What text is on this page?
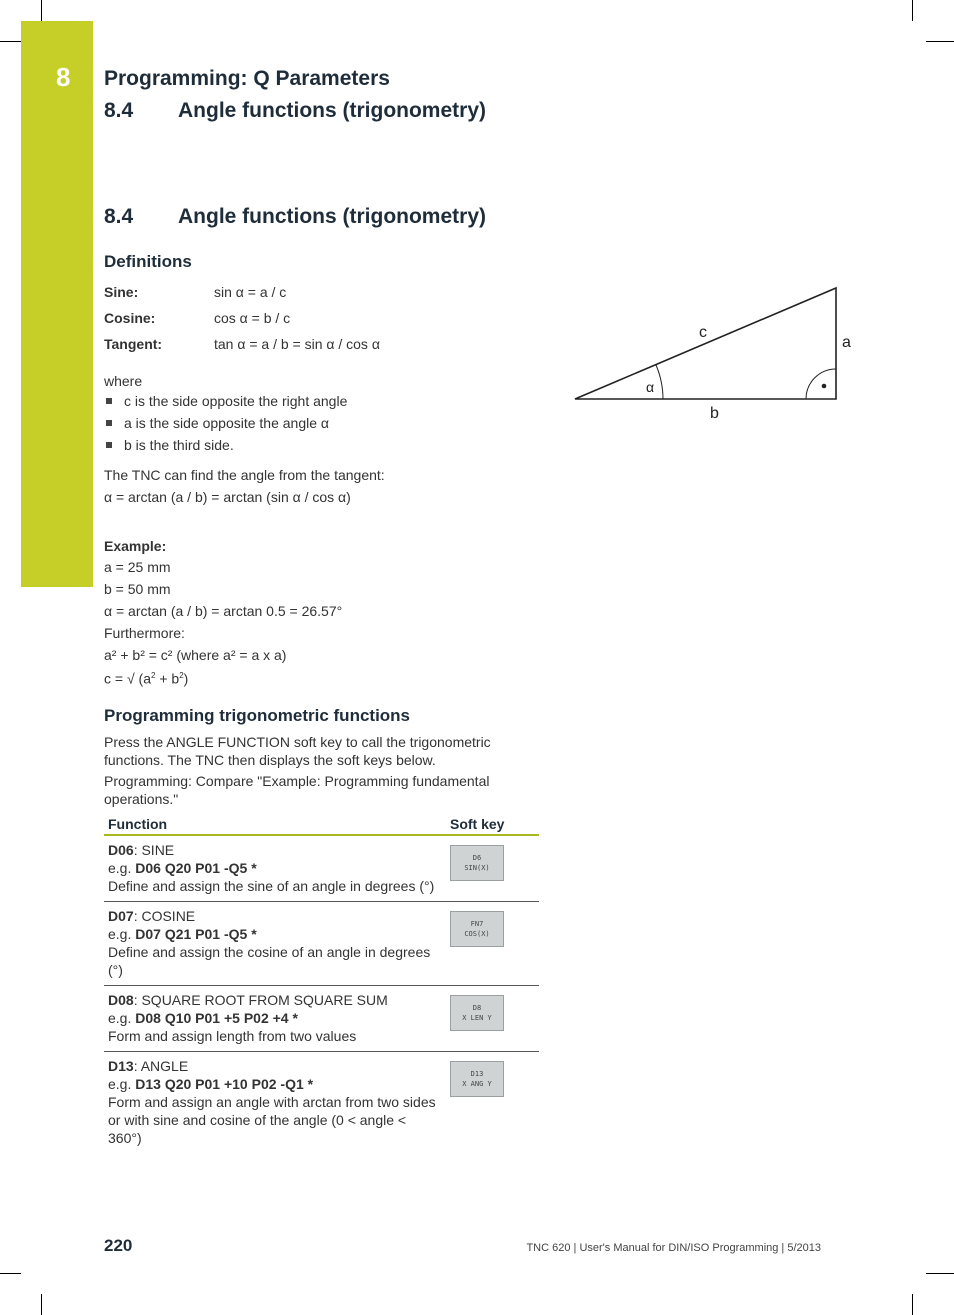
8 Programming: Q Parameters
8.4 Angle functions (trigonometry)
8.4 Angle functions (trigonometry)
Definitions
Sine:	sin α = a / c
Cosine:	cos α = b / c
Tangent:	tan α = a / b = sin α / cos α
where
c is the side opposite the right angle
a is the side opposite the angle α
b is the third side.
The TNC can find the angle from the tangent:
α = arctan (a / b) = arctan (sin α / cos α)
Example:
a = 25 mm
b = 50 mm
α = arctan (a / b) = arctan 0.5 = 26.57°
Furthermore:
a² + b² = c² (where a² = a x a)
c = √ $(a^2 + b^2)$
c
a
b
α
Programming trigonometric functions
Press the ANGLE FUNCTION soft key to call the trigonometric functions. The TNC then displays the soft keys below.
Programming: Compare "Example: Programming fundamental operations."
Function	Soft key
D06: SINE
e.g. D06 Q20 P01 -Q5 *
Define and assign the sine of an angle in degrees (°)	D6
SIN(X)

D07: COSINE
e.g. D07 Q21 P01 -Q5 *
Define and assign the cosine of an angle in degrees (°)	FN7
COS(X)

D08: SQUARE ROOT FROM SQUARE SUM
e.g. D08 Q10 P01 +5 P02 +4 *
Form and assign length from two values	D8
X LEN Y

D13: ANGLE
e.g. D13 Q20 P01 +10 P02 -Q1 *
Form and assign an angle with arctan from two sides or with sine and cosine of the angle (0 < angle < 360°)	D13
X ANG Y
220	TNC 620 | User's Manual for DIN/ISO Programming | 5/2013
